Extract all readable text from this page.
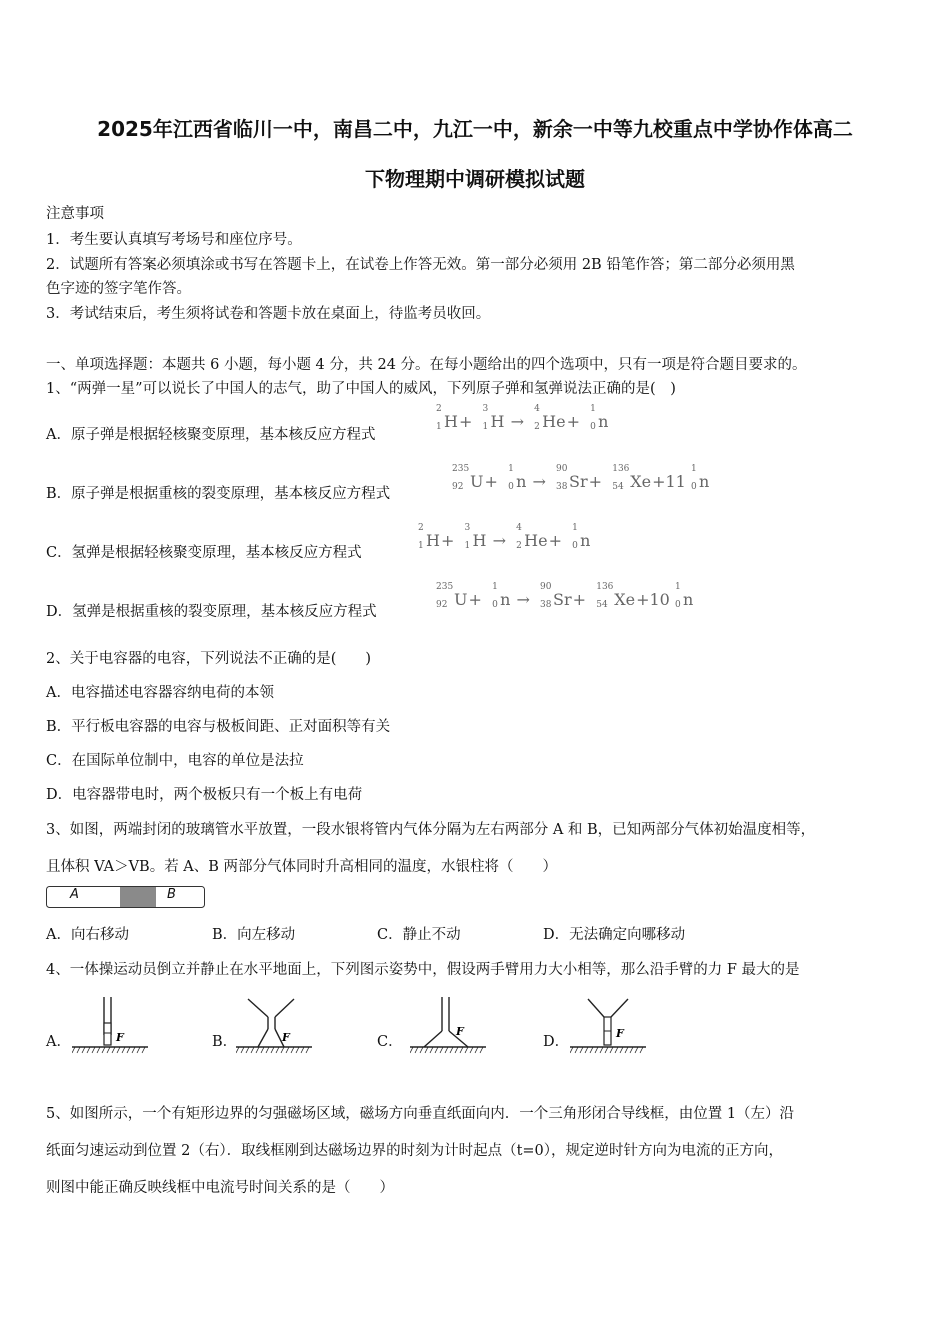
2025年江西省临川一中，南昌二中，九江一中，新余一中等九校重点中学协作体高二
下物理期中调研模拟试题
注意事项
1．考生要认真填写考场号和座位序号。
2．试题所有答案必须填涂或书写在答题卡上，在试卷上作答无效。第一部分必须用 2B 铅笔作答；第二部分必须用黑
色字迹的签字笔作答。
3．考试结束后，考生须将试卷和答题卡放在桌面上，待监考员收回。
一、单项选择题：本题共 6 小题，每小题 4 分，共 24 分。在每小题给出的四个选项中，只有一项是符合题目要求的。
1、“两弹一星”可以说长了中国人的志气，助了中国人的威风，下列原子弹和氢弹说法正确的是(　)
A．原子弹是根据轻核聚变原理，基本核反应方程式
2
1 H+
3
1 H →
4
2 He+
1
0 n
B．原子弹是根据重核的裂变原理，基本核反应方程式
235
92 U+
1
0 n →
90
38 Sr+
136
54 Xe+11
1
0 n
C．氢弹是根据轻核聚变原理，基本核反应方程式
2
1 H+
3
1 H →
4
2 He+
1
0 n
D．氢弹是根据重核的裂变原理，基本核反应方程式
235
92 U+
1
0 n →
90
38 Sr+
136
54 Xe+10
1
0 n
2、关于电容器的电容，下列说法不正确的是(　　)
A．电容描述电容器容纳电荷的本领
B．平行板电容器的电容与极板间距、正对面积等有关
C．在国际单位制中，电容的单位是法拉
D．电容器带电时，两个极板只有一个板上有电荷
3、如图，两端封闭的玻璃管水平放置，一段水银将管内气体分隔为左右两部分 A 和 B，已知两部分气体初始温度相等，
且体积 VA＞VB。若 A、B 两部分气体同时升高相同的温度，水银柱将（　　）
A	B
A．向右移动	B．向左移动	C．静止不动	D．无法确定向哪移动
4、一体操运动员倒立并静止在水平地面上，下列图示姿势中，假设两手臂用力大小相等，那么沿手臂的力 F 最大的是
A．	B．	C．	D．
F	F	F	F
5、如图所示，一个有矩形边界的匀强磁场区域，磁场方向垂直纸面向内．一个三角形闭合导线框，由位置 1（左）沿
纸面匀速运动到位置 2（右）．取线框刚到达磁场边界的时刻为计时起点（t=0），规定逆时针方向为电流的正方向，
则图中能正确反映线框中电流号时间关系的是（　　）
